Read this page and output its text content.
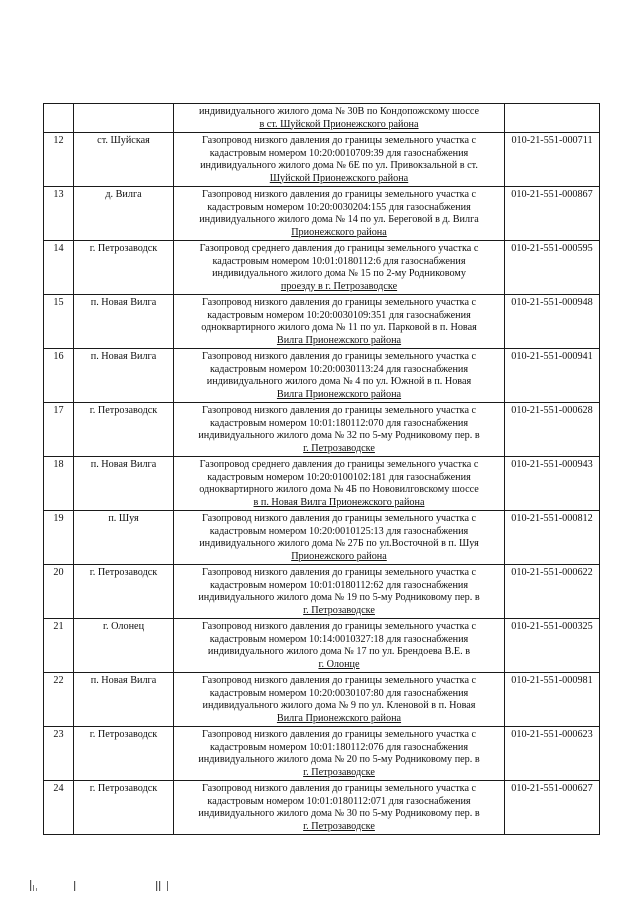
		индивидуального жилого дома № 30В по Кондопожскому шоссе
в ст. Шуйской Прионежского района	

12	ст. Шуйская	Газопровод низкого давления до границы земельного участка с
кадастровым номером 10:20:0010709:39 для газоснабжения
индивидуального жилого дома № 6Е по ул. Привокзальной в ст.
Шуйской Прионежского района	010-21-551-000711
13	д. Вилга	Газопровод низкого давления до границы земельного участка с
кадастровым номером 10:20:0030204:155 для газоснабжения
индивидуального жилого дома № 14 по ул. Береговой в д. Вилга
Прионежского района	010-21-551-000867
14	г. Петрозаводск	Газопровод среднего давления до границы земельного участка с
кадастровым номером 10:01:0180112:6 для газоснабжения
индивидуального жилого дома № 15 по 2-му Родниковому
проезду в г. Петрозаводске	010-21-551-000595
15	п. Новая Вилга	Газопровод низкого давления до границы земельного участка с
кадастровым номером 10:20:0030109:351 для газоснабжения
одноквартирного жилого дома № 11 по ул. Парковой в п. Новая
Вилга Прионежского района	010-21-551-000948
16	п. Новая Вилга	Газопровод низкого давления до границы земельного участка с
кадастровым номером 10:20:0030113:24 для газоснабжения
индивидуального жилого дома № 4 по ул. Южной в п. Новая
Вилга Прионежского района	010-21-551-000941
17	г. Петрозаводск	Газопровод низкого давления до границы земельного участка с
кадастровым номером 10:01:180112:070 для газоснабжения
индивидуального жилого дома № 32 по 5-му Родниковому пер. в
г. Петрозаводске	010-21-551-000628
18	п. Новая Вилга	Газопровод среднего давления до границы земельного участка с
кадастровым номером 10:20:0100102:181 для газоснабжения
одноквартирного жилого дома № 4Б по Нововилговскому шоссе
в п. Новая Вилга Прионежского района	010-21-551-000943
19	п. Шуя	Газопровод низкого давления до границы земельного участка с
кадастровым номером 10:20:0010125:13 для газоснабжения
индивидуального жилого дома № 27Б по ул.Восточной в п. Шуя
Прионежского района	010-21-551-000812
20	г. Петрозаводск	Газопровод низкого давления до границы земельного участка с
кадастровым номером 10:01:0180112:62 для газоснабжения
индивидуального жилого дома № 19 по 5-му Родниковому пер. в
г. Петрозаводске	010-21-551-000622
21	г. Олонец	Газопровод низкого давления до границы земельного участка с
кадастровым номером 10:14:0010327:18 для газоснабжения
индивидуального жилого дома № 17 по ул. Брендоева В.Е. в
г. Олонце	010-21-551-000325
22	п. Новая Вилга	Газопровод низкого давления до границы земельного участка с
кадастровым номером 10:20:0030107:80 для газоснабжения
индивидуального жилого дома № 9 по ул. Кленовой в п. Новая
Вилга Прионежского района	010-21-551-000981
23	г. Петрозаводск	Газопровод низкого давления до границы земельного участка с
кадастровым номером 10:01:180112:076 для газоснабжения
индивидуального жилого дома № 20 по 5-му Родниковому пер. в
г. Петрозаводске	010-21-551-000623
24	г. Петрозаводск	Газопровод низкого давления до границы земельного участка с
кадастровым номером 10:01:0180112:071 для газоснабжения
индивидуального жилого дома № 30 по 5-му Родниковому пер. в
г. Петрозаводске	010-21-551-000627
